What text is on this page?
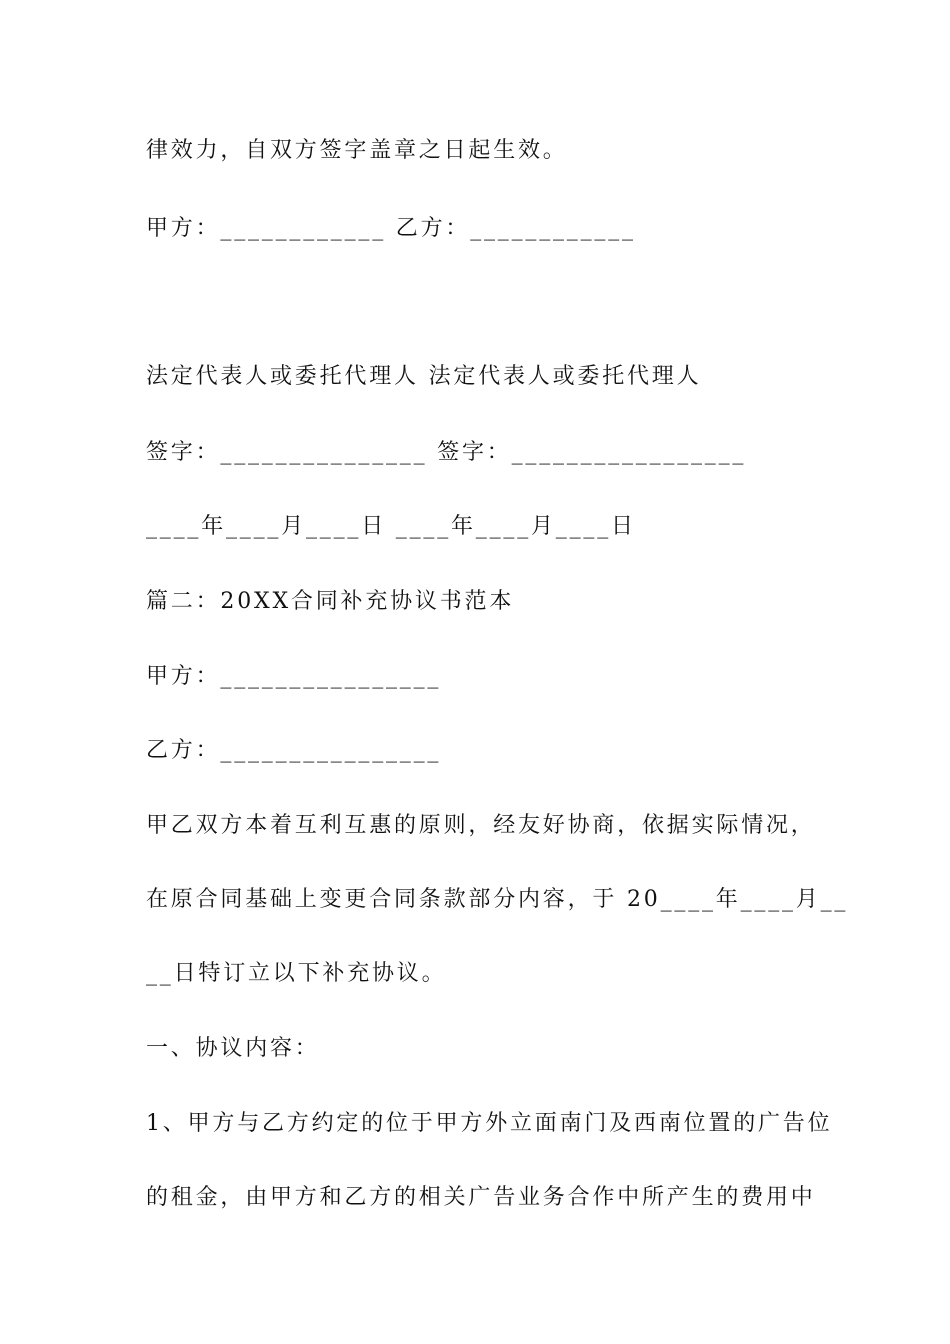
律效力，自双方签字盖章之日起生效。
甲方：____________ 乙方：____________
法定代表人或委托代理人 法定代表人或委托代理人
签字：_______________ 签字：_________________
____年____月____日 ____年____月____日
篇二：20XX合同补充协议书范本
甲方：________________
乙方：________________
甲乙双方本着互利互惠的原则，经友好协商，依据实际情况，
在原合同基础上变更合同条款部分内容，于 20____年____月__
__日特订立以下补充协议。
一、协议内容：
1、甲方与乙方约定的位于甲方外立面南门及西南位置的广告位
的租金，由甲方和乙方的相关广告业务合作中所产生的费用中
